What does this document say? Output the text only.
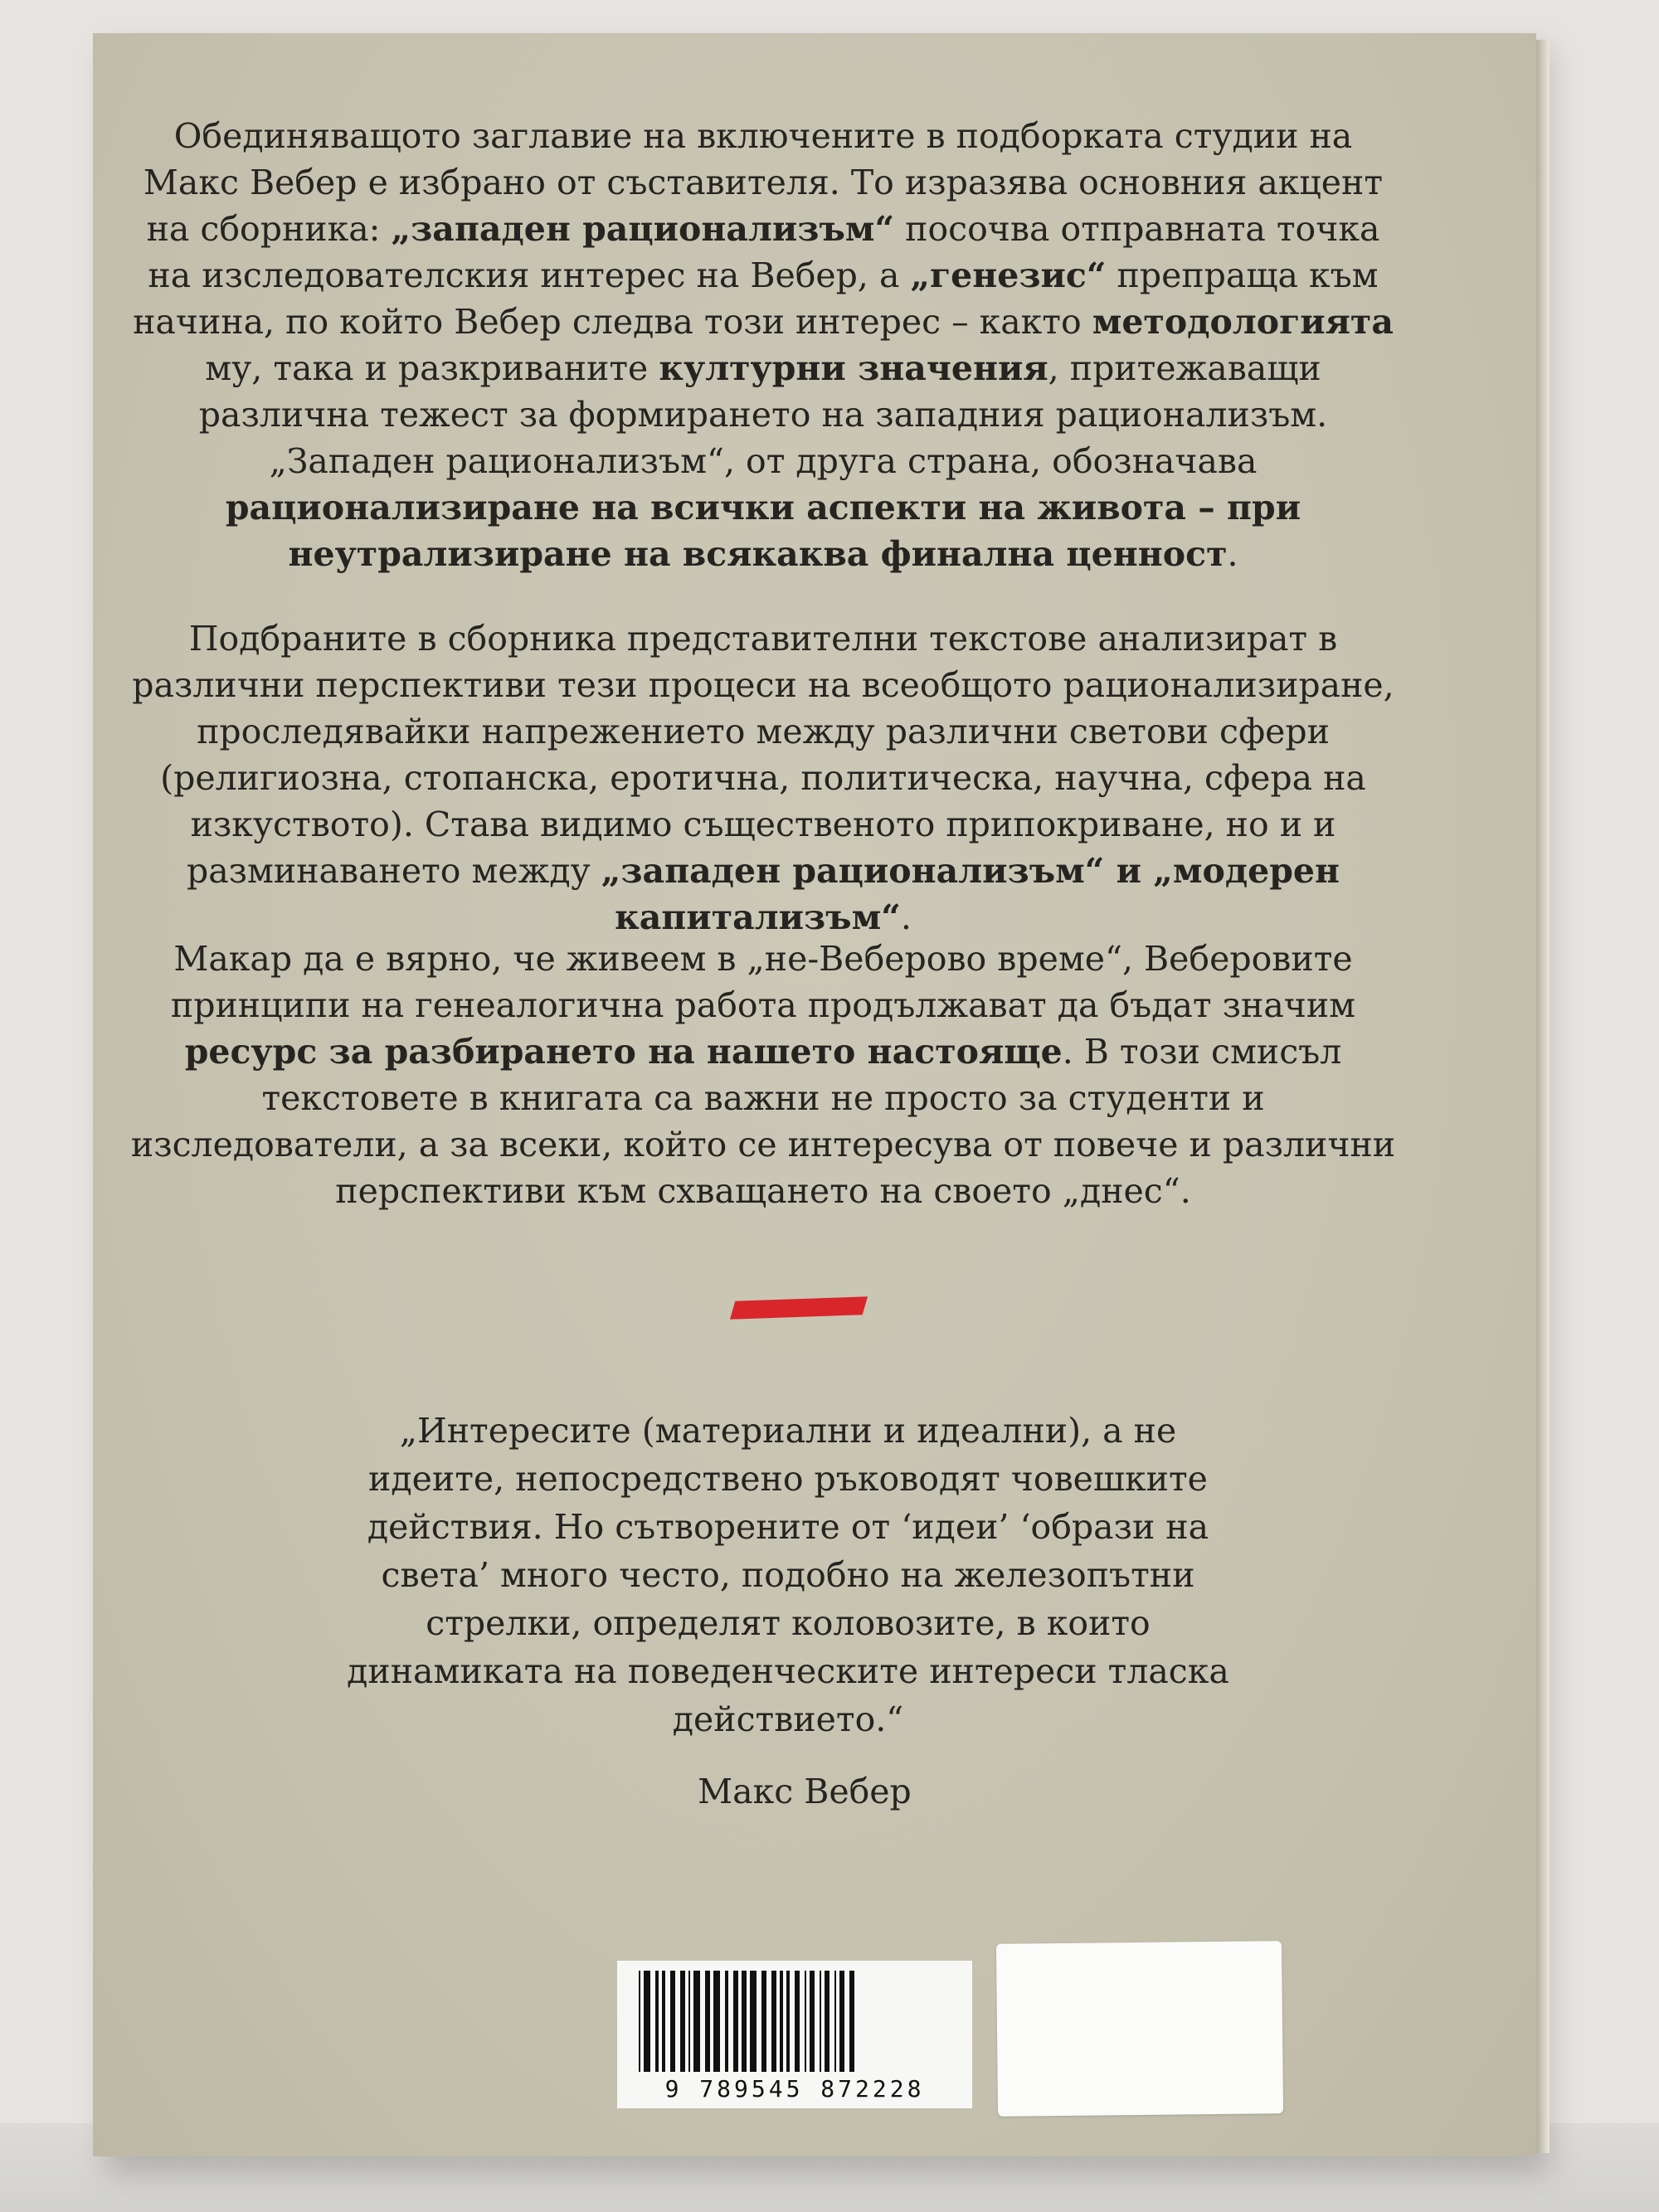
Обединяващото заглавие на включените в подборката студии на Макс Вебер е избрано от съставителя. То изразява основния акцент на сборника: „западен рационализъм“ посочва отправната точка на изследователския интерес на Вебер, а „генезис“ препраща към начина, по който Вебер следва този интерес – както методологията му, така и разкриваните културни значения, притежаващи различна тежест за формирането на западния рационализъм. „Западен рационализъм“, от друга страна, обозначава рационализиране на всички аспекти на живота – при неутрализиране на всякаква финална ценност.

Подбраните в сборника представителни текстове анализират в различни перспективи тези процеси на всеобщото рационализиране, проследявайки напрежението между различни светови сфери (религиозна, стопанска, еротична, политическа, научна, сфера на изкуството). Става видимо същественото припокриване, но и и разминаването между „западен рационализъм“ и „модерен капитализъм“.

Макар да е вярно, че живеем в „не-Веберово време“, Веберовите принципи на генеалогична работа продължават да бъдат значим ресурс за разбирането на нашето настояще. В този смисъл текстовете в книгата са важни не просто за студенти и изследователи, а за всеки, който се интересува от повече и различни перспективи към схващането на своето „днес“.

„Интересите (материални и идеални), а не идеите, непосредствено ръководят човешките действия. Но сътворените от ‘идеи’ ‘образи на света’ много често, подобно на железопътни стрелки, определят коловозите, в които динамиката на поведенческите интереси тласка действието.“

Макс Вебер
9 789545 872228
